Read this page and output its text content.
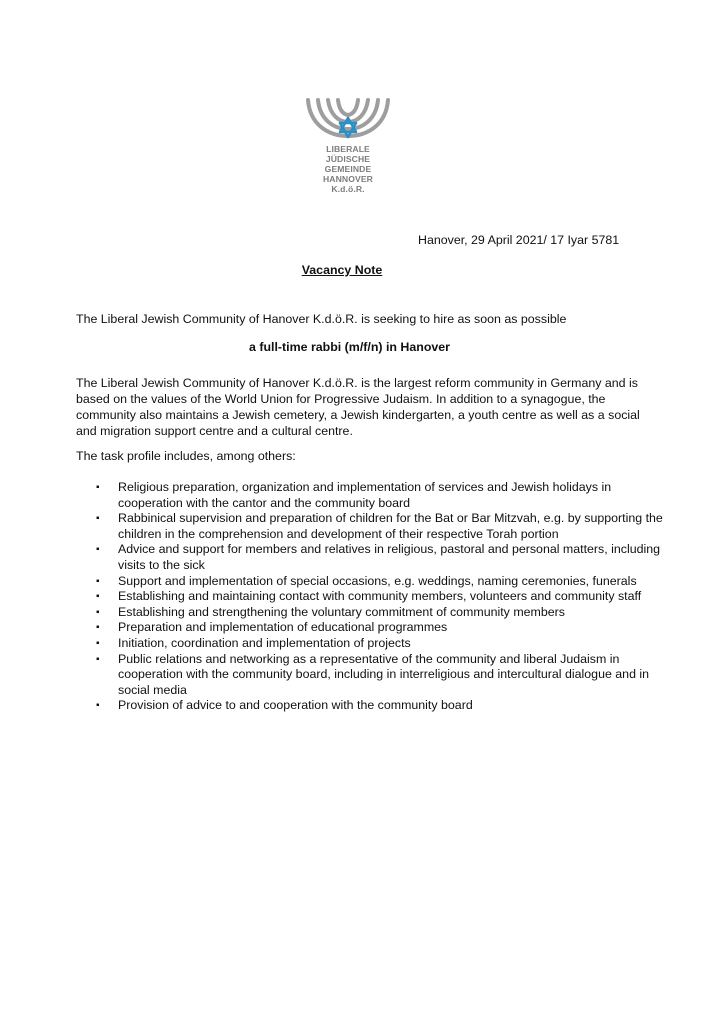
LIBERALE
JÜDISCHE
GEMEINDE
HANNOVER
K.d.ö.R.
Hanover, 29 April 2021/ 17 Iyar 5781
Vacancy Note
The Liberal Jewish Community of Hanover K.d.ö.R. is seeking to hire as soon as possible
a full-time rabbi (m/f/n) in Hanover

The Liberal Jewish Community of Hanover K.d.ö.R. is the largest reform community in Germany and is based on the values of the World Union for Progressive Judaism. In addition to a synagogue, the community also maintains a Jewish cemetery, a Jewish kindergarten, a youth centre as well as a social and migration support centre and a cultural centre.

The task profile includes, among others:
▪ Religious preparation, organization and implementation of services and Jewish holidays in cooperation with the cantor and the community board
▪ Rabbinical supervision and preparation of children for the Bat or Bar Mitzvah, e.g. by supporting the children in the comprehension and development of their respective Torah portion
▪ Advice and support for members and relatives in religious, pastoral and personal matters, including visits to the sick
▪ Support and implementation of special occasions, e.g. weddings, naming ceremonies, funerals
▪ Establishing and maintaining contact with community members, volunteers and community staff
▪ Establishing and strengthening the voluntary commitment of community members
▪ Preparation and implementation of educational programmes
▪ Initiation, coordination and implementation of projects
▪ Public relations and networking as a representative of the community and liberal Judaism in cooperation with the community board, including in interreligious and intercultural dialogue and in social media
▪ Provision of advice to and cooperation with the community board
